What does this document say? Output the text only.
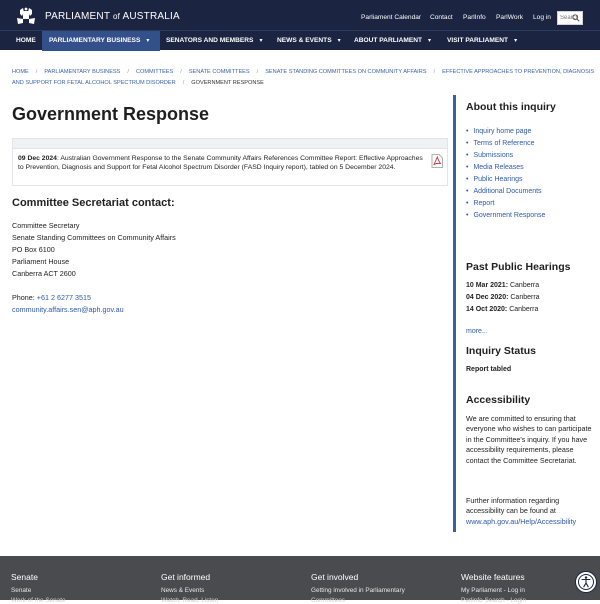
PARLIAMENT of AUSTRALIA	Parliament Calendar Contact ParlInfo ParlWork Log in
Search
HOME	PARLIAMENTARY BUSINESS ▾	SENATORS AND MEMBERS ▾ NEWS & EVENTS ▾ ABOUT PARLIAMENT ▾ VISIT PARLIAMENT ▾
HOME / PARLIAMENTARY BUSINESS / COMMITTEES / SENATE COMMITTEES / SENATE STANDING COMMITTEES ON COMMUNITY AFFAIRS / EFFECTIVE APPROACHES TO PREVENTION, DIAGNOSIS AND SUPPORT FOR FETAL ALCOHOL SPECTRUM DISORDER / GOVERNMENT RESPONSE
Government Response
09 Dec 2024: Australian Government Response to the Senate Community Affairs References Committee Report: Effective Approaches to Prevention, Diagnosis and Support for Fetal Alcohol Spectrum Disorder (FASD Inquiry report), tabled on 5 December 2024.
Committee Secretariat contact:
Committee Secretary
Senate Standing Committees on Community Affairs
PO Box 6100
Parliament House
Canberra ACT 2600
Phone: +61 2 6277 3515
community.affairs.sen@aph.gov.au
About this inquiry
• Inquiry home page
• Terms of Reference
• Submissions
• Media Releases
• Public Hearings
• Additional Documents
• Report
• Government Response
Past Public Hearings
10 Mar 2021: Canberra
04 Dec 2020: Canberra
14 Oct 2020: Canberra
more...
Inquiry Status
Report tabled
Accessibility
We are committed to ensuring that everyone who wishes to can participate in the Committee's inquiry. If you have accessibility requirements, please contact the Committee Secretariat.
Further information regarding accessibility can be found at www.aph.gov.au/Help/Accessibility
Senate
Senate
Work of the Senate
Get informed
News & Events
Watch, Read, Listen
Get involved
Getting involved in Parliamentary
Committees
Website features
My Parliament - Log in
Parlinfo Search - Login
